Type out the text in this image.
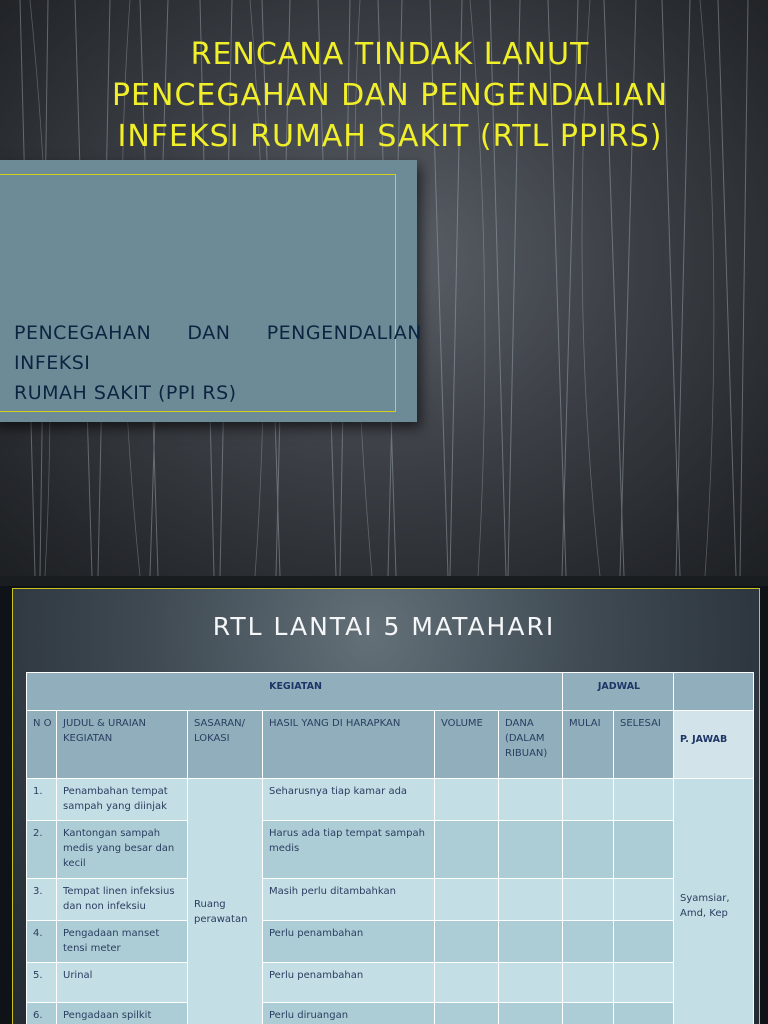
RENCANA TINDAK LANUT
PENCEGAHAN DAN PENGENDALIAN
INFEKSI RUMAH SAKIT (RTL PPIRS)
PENCEGAHAN DAN PENGENDALIAN INFEKSI
RUMAH SAKIT (PPI RS)
RTL LANTAI 5 MATAHARI
KEGIATAN						JADWAL		
N O	JUDUL & URAIAN KEGIATAN	SASARAN/ LOKASI	HASIL YANG DI HARAPKAN	VOLUME	DANA (DALAM RIBUAN)	MULAI	SELESAI	P. JAWAB
1.	Penambahan tempat sampah yang diinjak	Ruang perawatan	Seharusnya tiap kamar ada					Syamsiar, Amd, Kep
2.	Kantongan sampah medis yang besar dan kecil		Harus ada tiap tempat sampah medis					
3.	Tempat linen infeksius dan non infeksiu		Masih perlu ditambahkan					
4.	Pengadaan manset tensi meter		Perlu penambahan					
5.	Urinal		Perlu penambahan					
6.	Pengadaan spilkit		Perlu diruangan					
